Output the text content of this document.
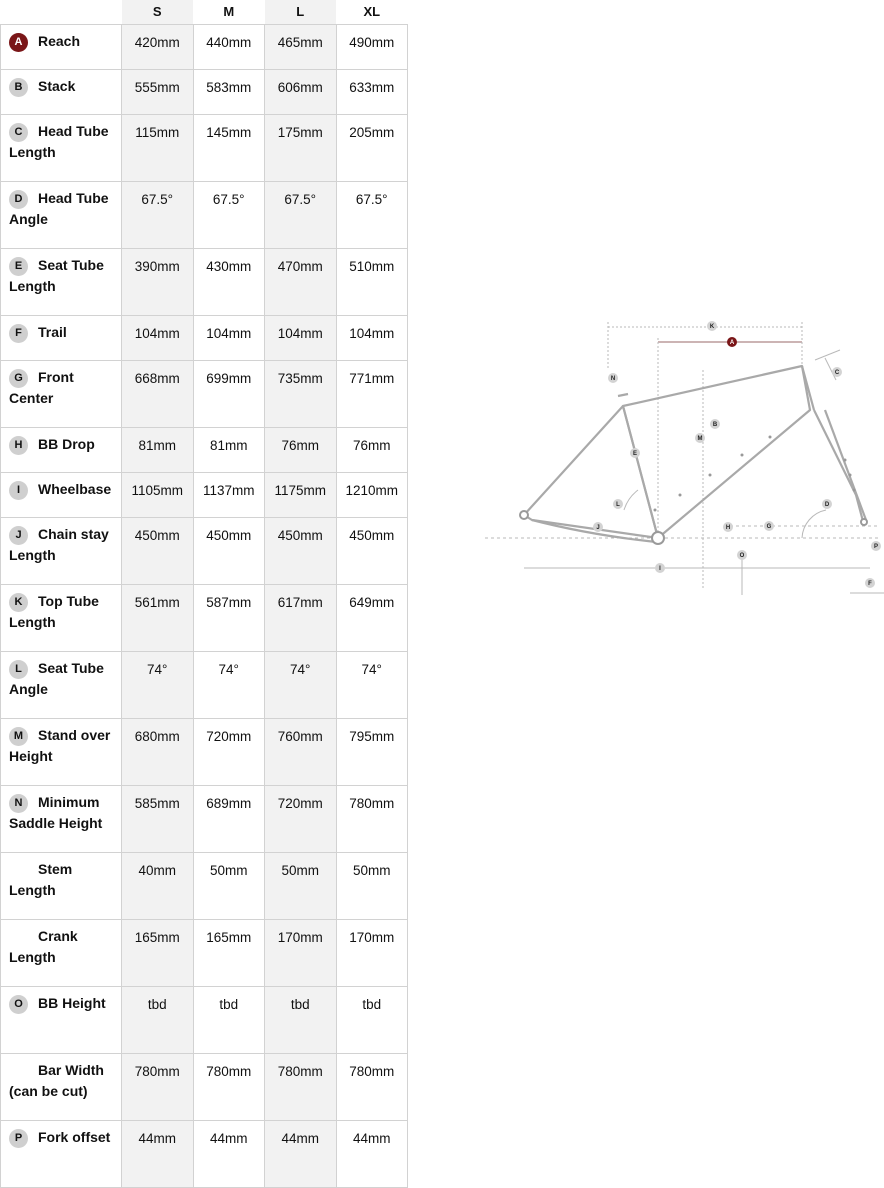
	S	M	L	XL
A Reach	420mm	440mm	465mm	490mm
B Stack	555mm	583mm	606mm	633mm
C Head Tube Length	115mm	145mm	175mm	205mm
D Head Tube Angle	67.5°	67.5°	67.5°	67.5°
E Seat Tube Length	390mm	430mm	470mm	510mm
F Trail	104mm	104mm	104mm	104mm
G Front Center	668mm	699mm	735mm	771mm
H BB Drop	81mm	81mm	76mm	76mm
I Wheelbase	1105mm	1137mm	1175mm	1210mm
J Chain stay Length	450mm	450mm	450mm	450mm
K Top Tube Length	561mm	587mm	617mm	649mm
L Seat Tube Angle	74°	74°	74°	74°
M Stand over Height	680mm	720mm	760mm	795mm
N Minimum Saddle Height	585mm	689mm	720mm	780mm
Stem Length	40mm	50mm	50mm	50mm
Crank Length	165mm	165mm	170mm	170mm
O BB Height	tbd	tbd	tbd	tbd
Bar Width (can be cut)	780mm	780mm	780mm	780mm
P Fork offset	44mm	44mm	44mm	44mm
K
A
N
C
B
M
E
L	D
J	H	G
O
I
P
F
